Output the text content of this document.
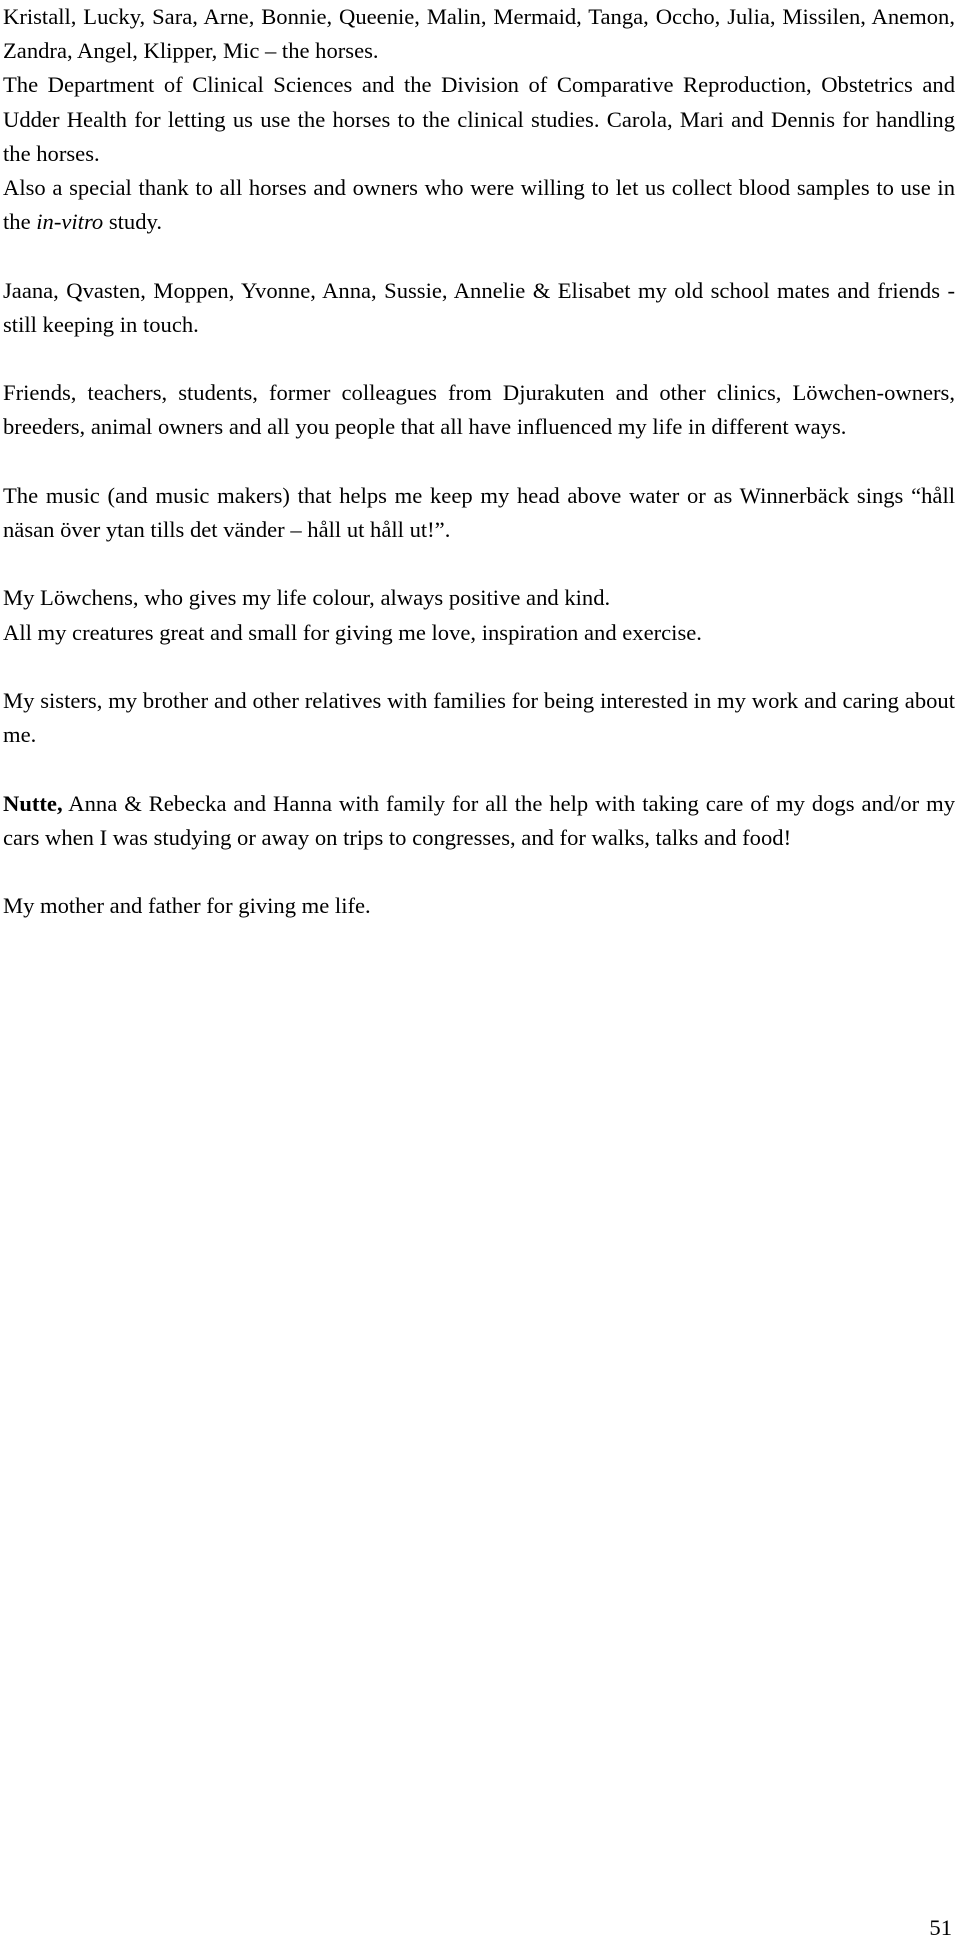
Kristall, Lucky, Sara, Arne, Bonnie, Queenie, Malin, Mermaid, Tanga, Occho, Julia, Missilen, Anemon, Zandra, Angel, Klipper, Mic – the horses.

The Department of Clinical Sciences and the Division of Comparative Reproduction, Obstetrics and Udder Health for letting us use the horses to the clinical studies. Carola, Mari and Dennis for handling the horses.

Also a special thank to all horses and owners who were willing to let us collect blood samples to use in the in-vitro study.

Jaana, Qvasten, Moppen, Yvonne, Anna, Sussie, Annelie & Elisabet my old school mates and friends - still keeping in touch.

Friends, teachers, students, former colleagues from Djurakuten and other clinics, Löwchen-owners, breeders, animal owners and all you people that all have influenced my life in different ways.

The music (and music makers) that helps me keep my head above water or as Winnerbäck sings “håll näsan över ytan tills det vänder – håll ut håll ut!”.

My Löwchens, who gives my life colour, always positive and kind.

All my creatures great and small for giving me love, inspiration and exercise.

My sisters, my brother and other relatives with families for being interested in my work and caring about me.

Nutte, Anna & Rebecka and Hanna with family for all the help with taking care of my dogs and/or my cars when I was studying or away on trips to congresses, and for walks, talks and food!

My mother and father for giving me life.

51
